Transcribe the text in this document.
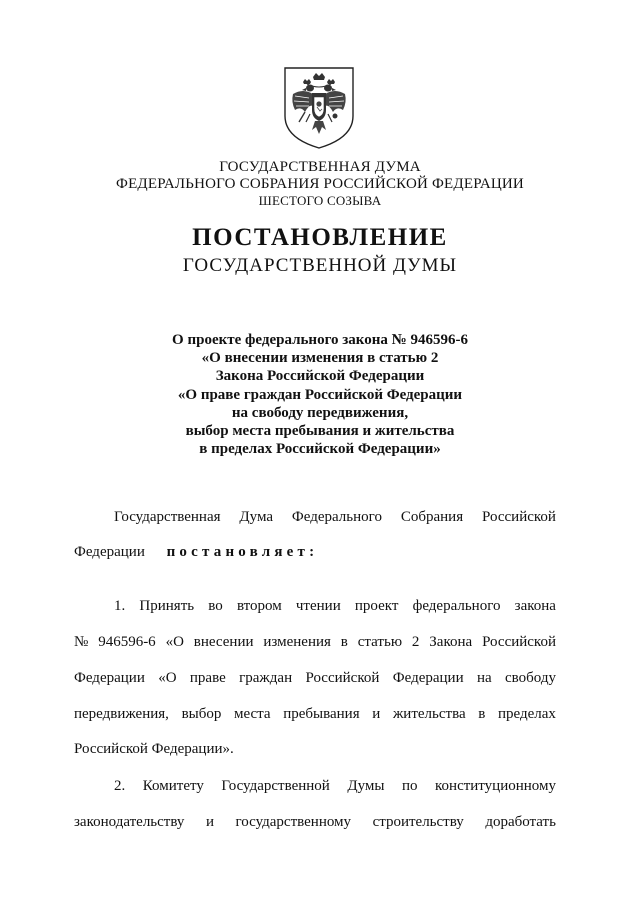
ГОСУДАРСТВЕННАЯ ДУМА
ФЕДЕРАЛЬНОГО СОБРАНИЯ РОССИЙСКОЙ ФЕДЕРАЦИИ
ШЕСТОГО СОЗЫВА
ПОСТАНОВЛЕНИЕ
ГОСУДАРСТВЕННОЙ ДУМЫ
О проекте федерального закона № 946596-6
«О внесении изменения в статью 2
Закона Российской Федерации
«О праве граждан Российской Федерации
на свободу передвижения,
выбор места пребывания и жительства
в пределах Российской Федерации»
Государственная Дума Федерального Собрания Российской
Федерации постановляет:
1. Принять во втором чтении проект федерального закона
№ 946596-6 «О внесении изменения в статью 2 Закона Российской
Федерации «О праве граждан Российской Федерации на свободу
передвижения, выбор места пребывания и жительства в пределах
Российской Федерации».
2. Комитету Государственной Думы по конституционному
законодательству и государственному строительству доработать
